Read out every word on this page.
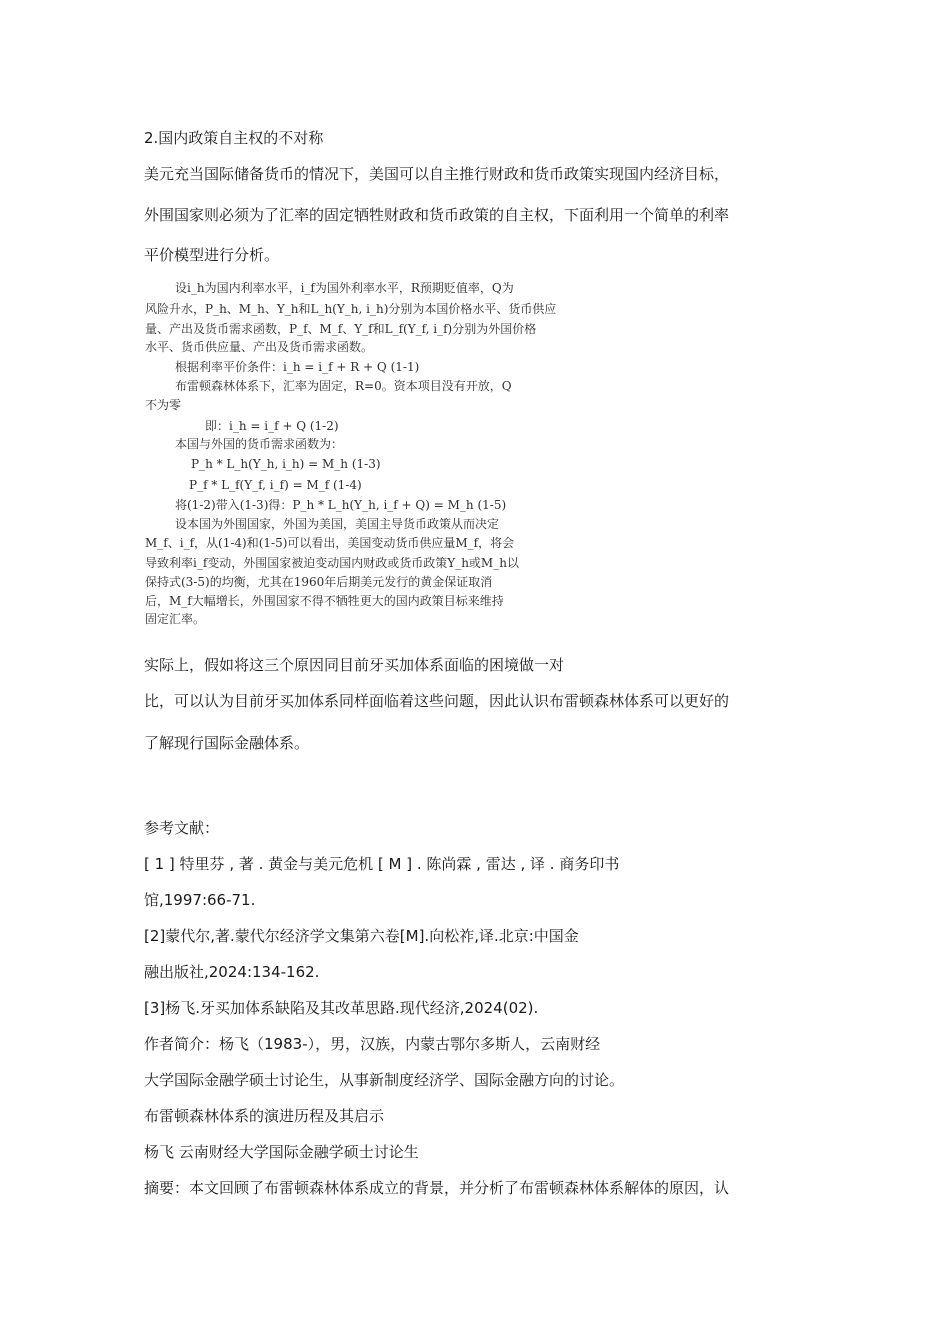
2.国内政策自主权的不对称
美元充当国际储备货币的情况下，美国可以自主推行财政和货币政策实现国内经济目标，
外围国家则必须为了汇率的固定牺牲财政和货币政策的自主权，下面利用一个简单的利率
平价模型进行分析。
设i_h为国内利率水平，i_f为国外利率水平，R预期贬值率，Q为
风险升水，P_h、M_h、Y_h和L_h(Y_h, i_h)分别为本国价格水平、货币供应
量、产出及货币需求函数，P_f、M_f、Y_f和L_f(Y_f, i_f)分别为外国价格
水平、货币供应量、产出及货币需求函数。
根据利率平价条件：i_h = i_f + R + Q (1-1)
布雷顿森林体系下，汇率为固定，R=0。资本项目没有开放，Q
不为零
即：i_h = i_f + Q (1-2)
本国与外国的货币需求函数为：
P_h * L_h(Y_h, i_h) = M_h (1-3)
P_f * L_f(Y_f, i_f) = M_f (1-4)
将(1-2)带入(1-3)得：P_h * L_h(Y_h, i_f + Q) = M_h (1-5)
设本国为外围国家，外国为美国，美国主导货币政策从而决定
M_f、i_f，从(1-4)和(1-5)可以看出，美国变动货币供应量M_f，将会
导致利率i_f变动，外围国家被迫变动国内财政或货币政策Y_h或M_h以
保持式(3-5)的均衡，尤其在1960年后期美元发行的黄金保证取消
后，M_f大幅增长，外围国家不得不牺牲更大的国内政策目标来维持
固定汇率。
实际上，假如将这三个原因同目前牙买加体系面临的困境做一对
比，可以认为目前牙买加体系同样面临着这些问题，因此认识布雷顿森林体系可以更好的
了解现行国际金融体系。
参考文献：
[ 1 ] 特里芬 , 著 . 黄金与美元危机 [ M ] . 陈尚霖 , 雷达 , 译 . 商务印书
馆,1997:66-71.
[2]蒙代尔,著.蒙代尔经济学文集第六卷[M].向松祚,译.北京:中国金
融出版社,2024:134-162.
[3]杨飞.牙买加体系缺陷及其改革思路.现代经济,2024(02).
作者简介：杨飞（1983-），男，汉族，内蒙古鄂尔多斯人，云南财经
大学国际金融学硕士讨论生，从事新制度经济学、国际金融方向的讨论。
布雷顿森林体系的演进历程及其启示
杨飞 云南财经大学国际金融学硕士讨论生
摘要：本文回顾了布雷顿森林体系成立的背景，并分析了布雷顿森林体系解体的原因，认
